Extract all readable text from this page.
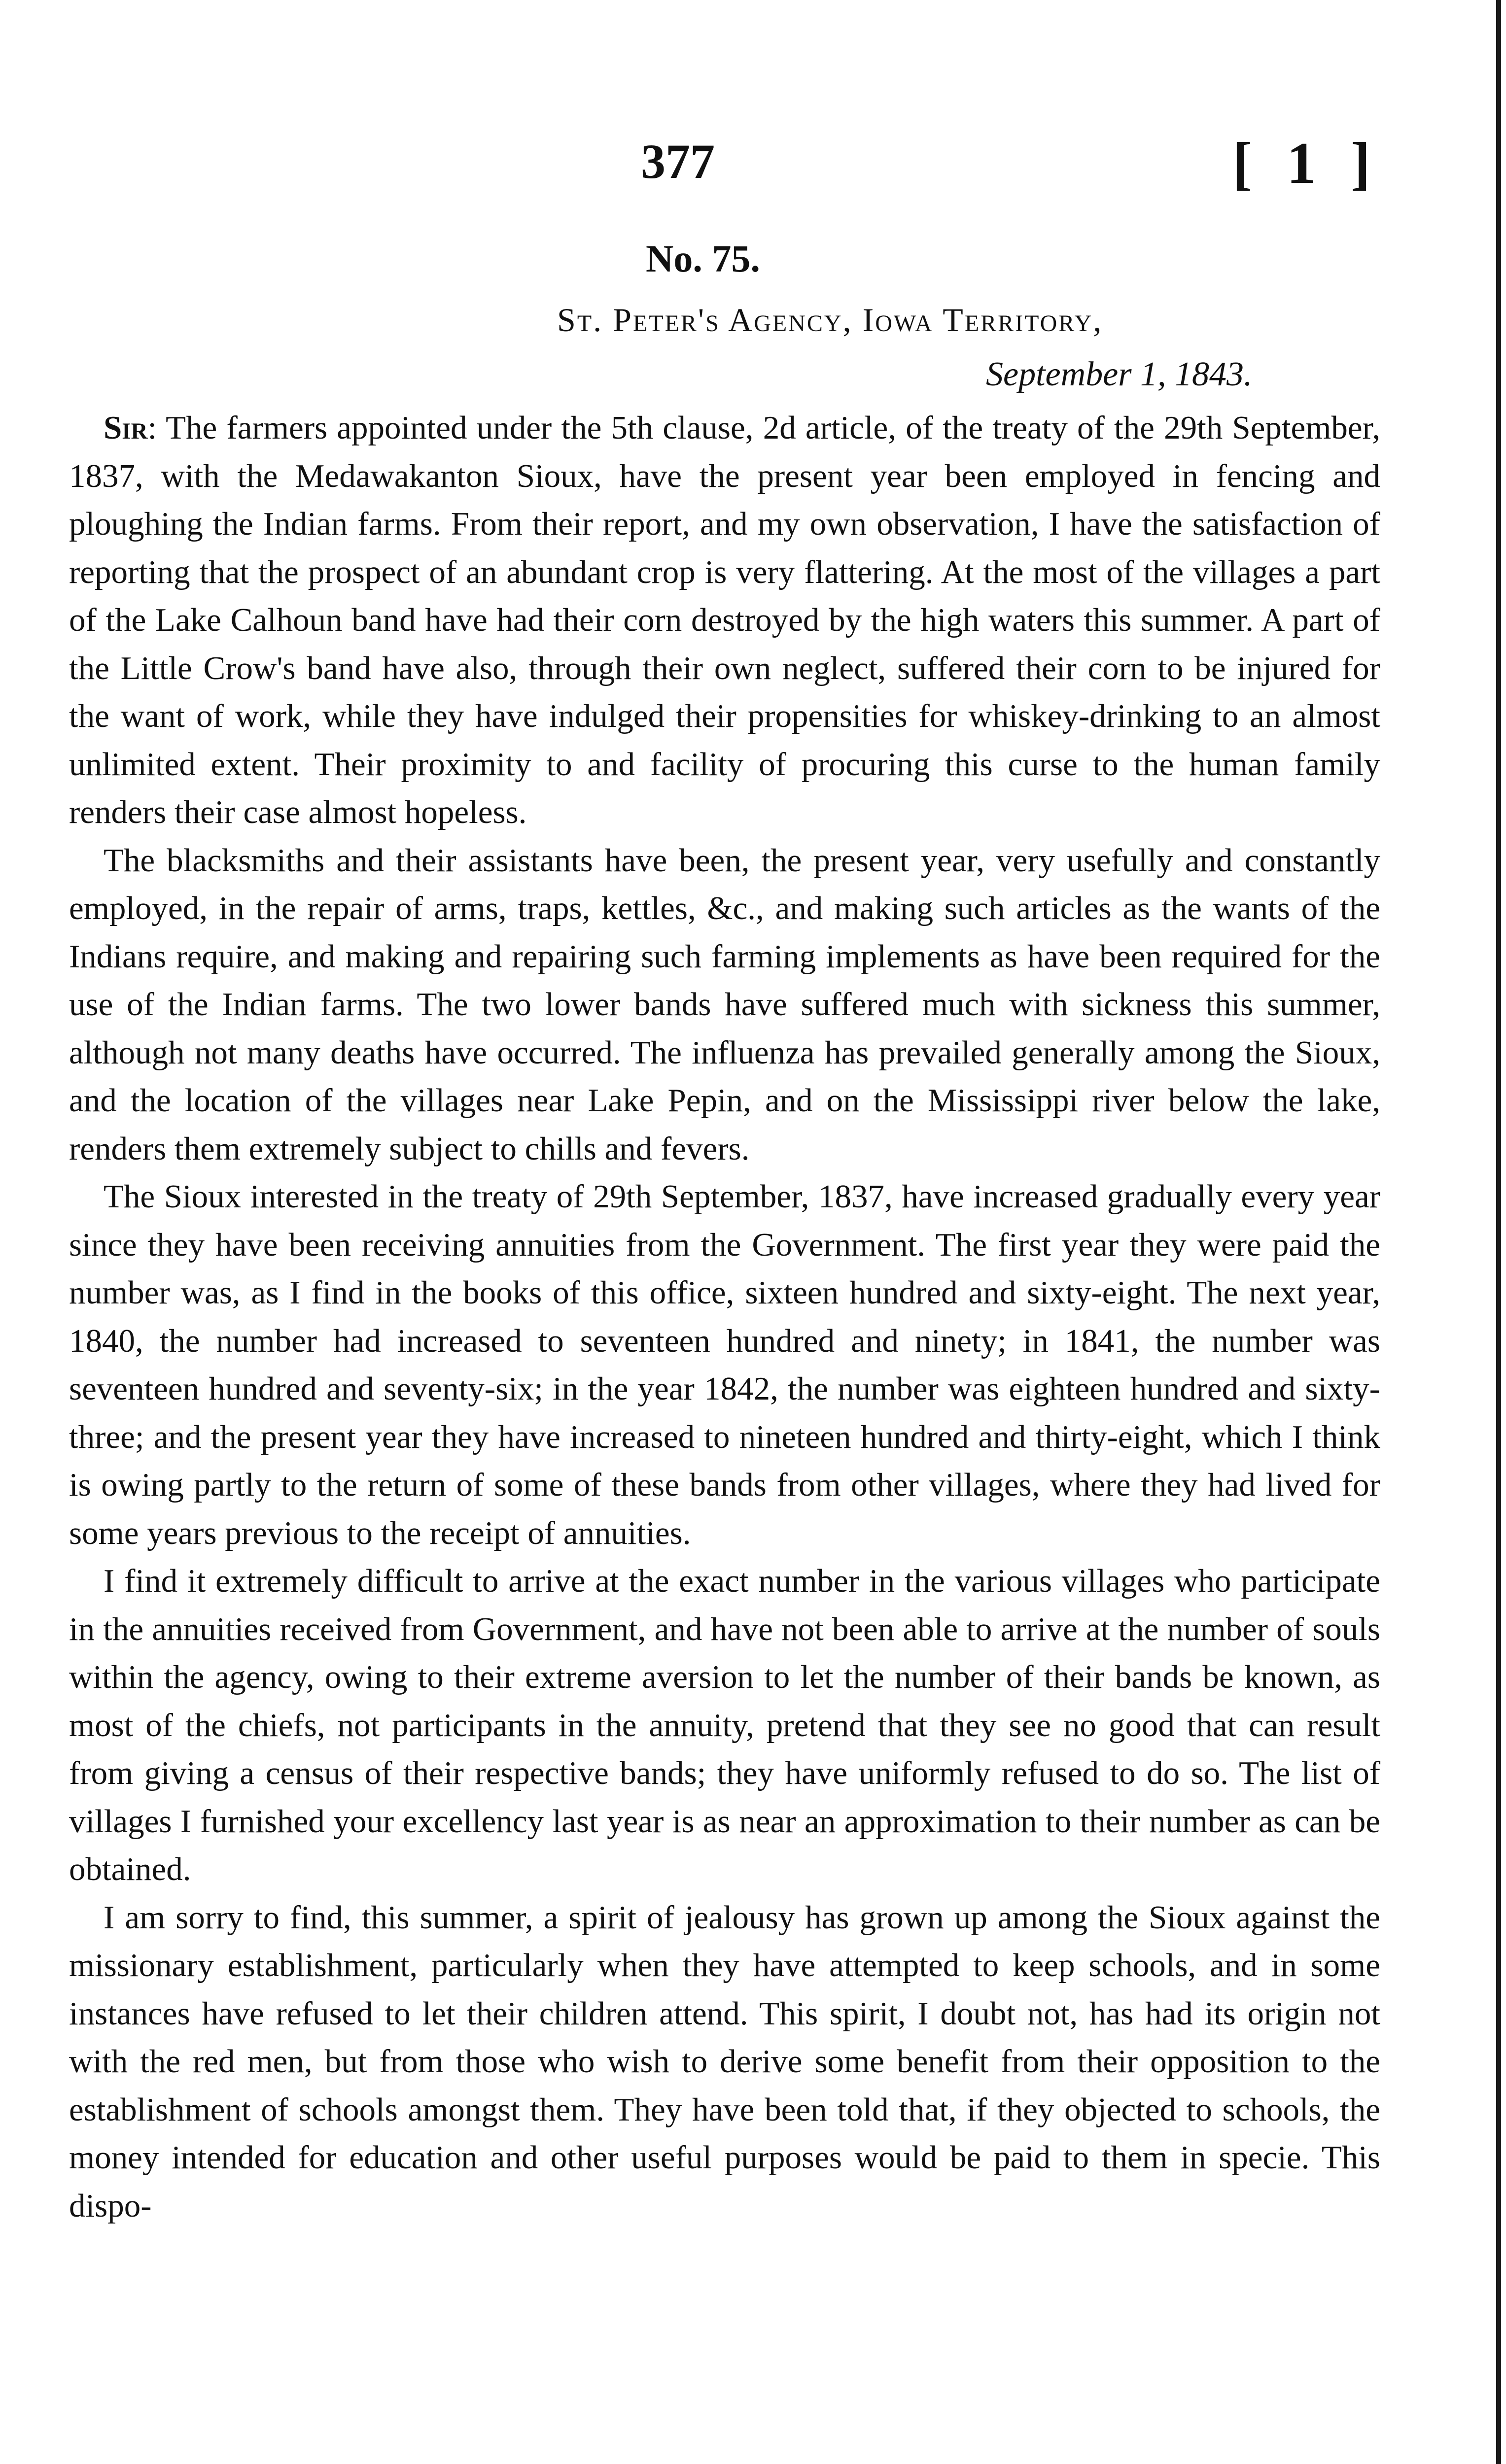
377	[ 1 ]
No. 75.
St. Peter's Agency, Iowa Territory,
September 1, 1843.

Sir: The farmers appointed under the 5th clause, 2d article, of the treaty of the 29th September, 1837, with the Medawakanton Sioux, have the present year been employed in fencing and ploughing the Indian farms. From their report, and my own observation, I have the satisfaction of reporting that the prospect of an abundant crop is very flattering. At the most of the villages a part of the Lake Calhoun band have had their corn destroyed by the high waters this summer. A part of the Little Crow's band have also, through their own neglect, suffered their corn to be injured for the want of work, while they have indulged their propensities for whiskey-drinking to an almost unlimited extent. Their proximity to and facility of procuring this curse to the human family renders their case almost hopeless.

The blacksmiths and their assistants have been, the present year, very usefully and constantly employed, in the repair of arms, traps, kettles, &c., and making such articles as the wants of the Indians require, and making and repairing such farming implements as have been required for the use of the Indian farms. The two lower bands have suffered much with sickness this summer, although not many deaths have occurred. The influenza has prevailed generally among the Sioux, and the location of the villages near Lake Pepin, and on the Mississippi river below the lake, renders them extremely subject to chills and fevers.

The Sioux interested in the treaty of 29th September, 1837, have increased gradually every year since they have been receiving annuities from the Government. The first year they were paid the number was, as I find in the books of this office, sixteen hundred and sixty-eight. The next year, 1840, the number had increased to seventeen hundred and ninety; in 1841, the number was seventeen hundred and seventy-six; in the year 1842, the number was eighteen hundred and sixty-three; and the present year they have increased to nineteen hundred and thirty-eight, which I think is owing partly to the return of some of these bands from other villages, where they had lived for some years previous to the receipt of annuities.

I find it extremely difficult to arrive at the exact number in the various villages who participate in the annuities received from Government, and have not been able to arrive at the number of souls within the agency, owing to their extreme aversion to let the number of their bands be known, as most of the chiefs, not participants in the annuity, pretend that they see no good that can result from giving a census of their respective bands; they have uniformly refused to do so. The list of villages I furnished your excellency last year is as near an approximation to their number as can be obtained.

I am sorry to find, this summer, a spirit of jealousy has grown up among the Sioux against the missionary establishment, particularly when they have attempted to keep schools, and in some instances have refused to let their children attend. This spirit, I doubt not, has had its origin not with the red men, but from those who wish to derive some benefit from their opposition to the establishment of schools amongst them. They have been told that, if they objected to schools, the money intended for education and other useful purposes would be paid to them in specie. This dispo-
